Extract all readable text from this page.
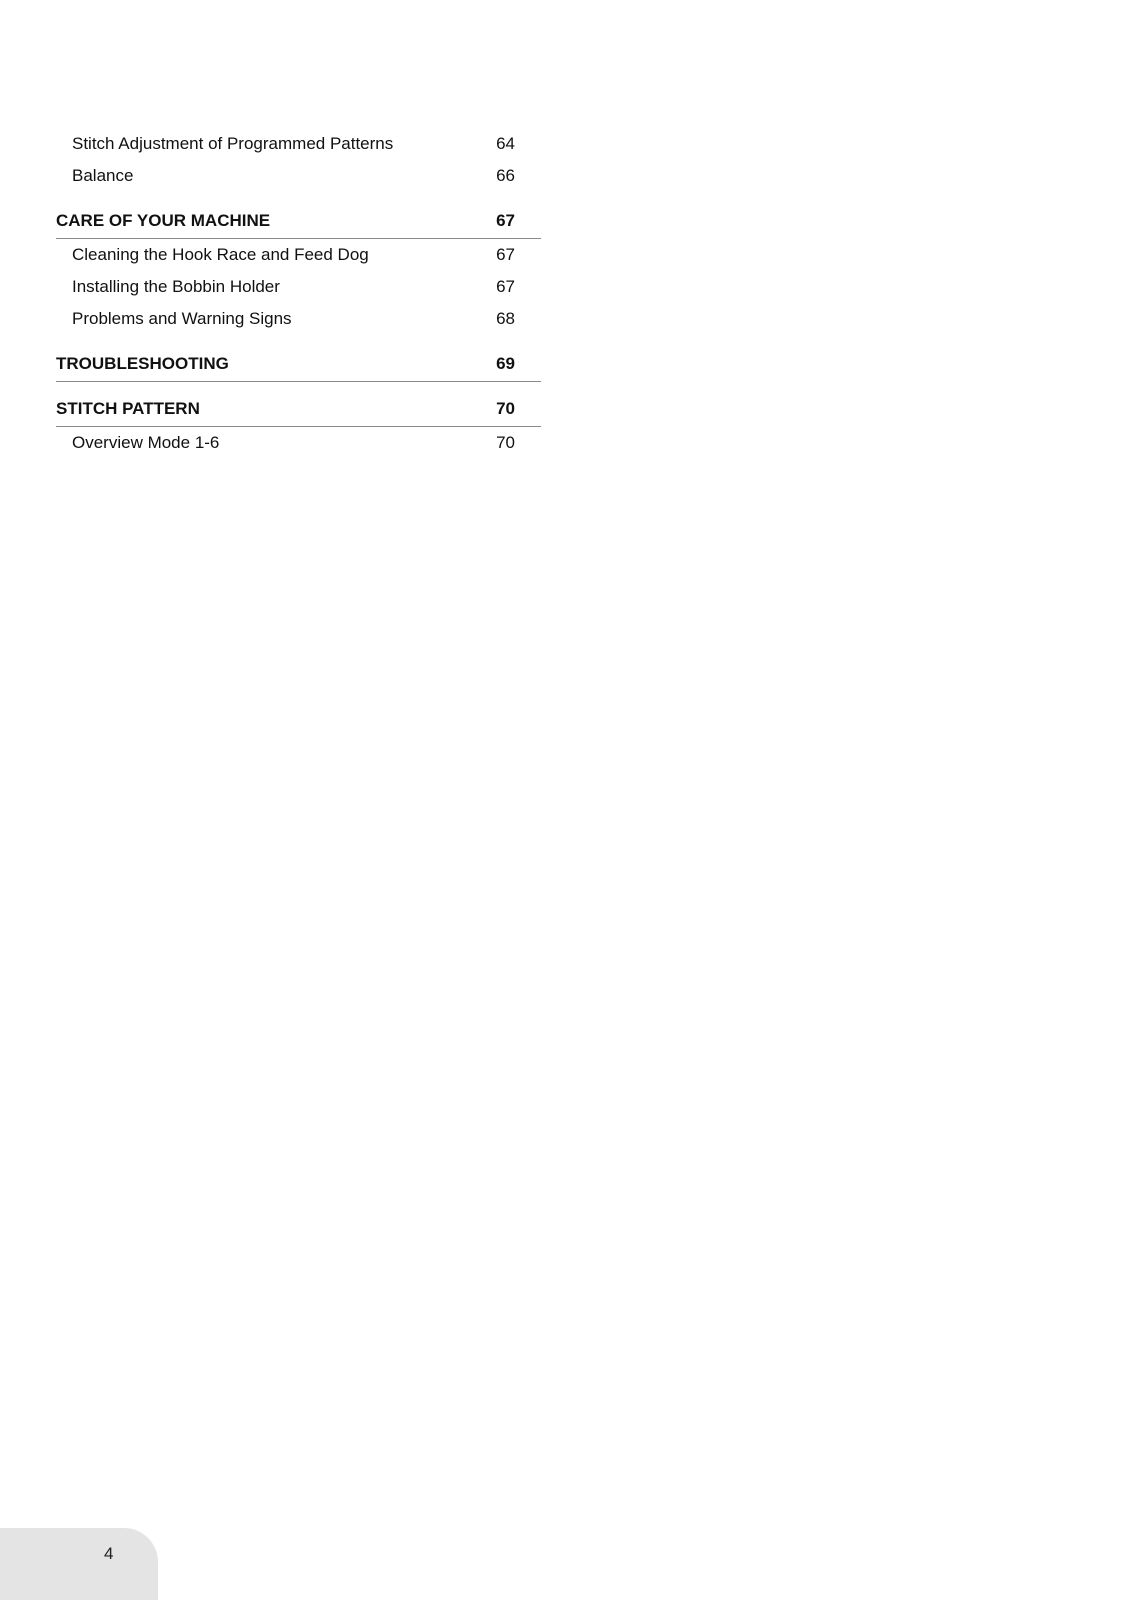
Stitch Adjustment of Programmed Patterns	64
Balance	66
CARE OF YOUR MACHINE	67
Cleaning the Hook Race and Feed Dog	67
Installing the Bobbin Holder	67
Problems and Warning Signs	68
TROUBLESHOOTING	69
STITCH PATTERN	70
Overview Mode 1-6	70
4
